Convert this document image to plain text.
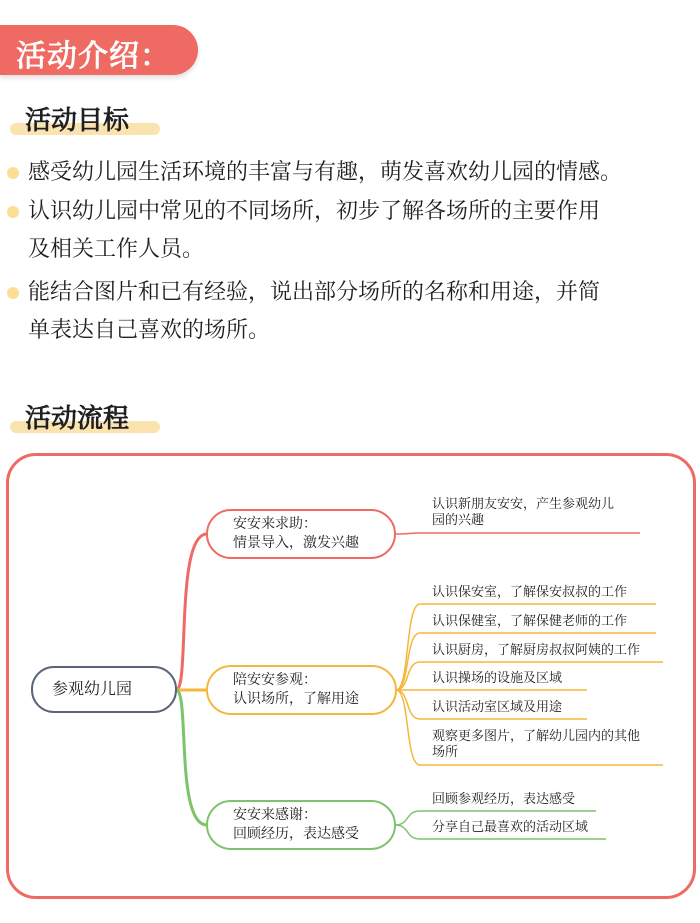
活动介绍：
活动目标
感受幼儿园生活环境的丰富与有趣，萌发喜欢幼儿园的情感。
认识幼儿园中常见的不同场所，初步了解各场所的主要作用
及相关工作人员。
能结合图片和已有经验，说出部分场所的名称和用途，并简
单表达自己喜欢的场所。
活动流程
参观幼儿园
安安来求助：
情景导入，激发兴趣
陪安安参观：
认识场所，了解用途
安安来感谢：
回顾经历，表达感受
认识新朋友安安，产生参观幼儿
园的兴趣
认识保安室，了解保安叔叔的工作
认识保健室，了解保健老师的工作
认识厨房，了解厨房叔叔阿姨的工作
认识操场的设施及区域
认识活动室区域及用途
观察更多图片，了解幼儿园内的其他
场所
回顾参观经历，表达感受
分享自己最喜欢的活动区域
